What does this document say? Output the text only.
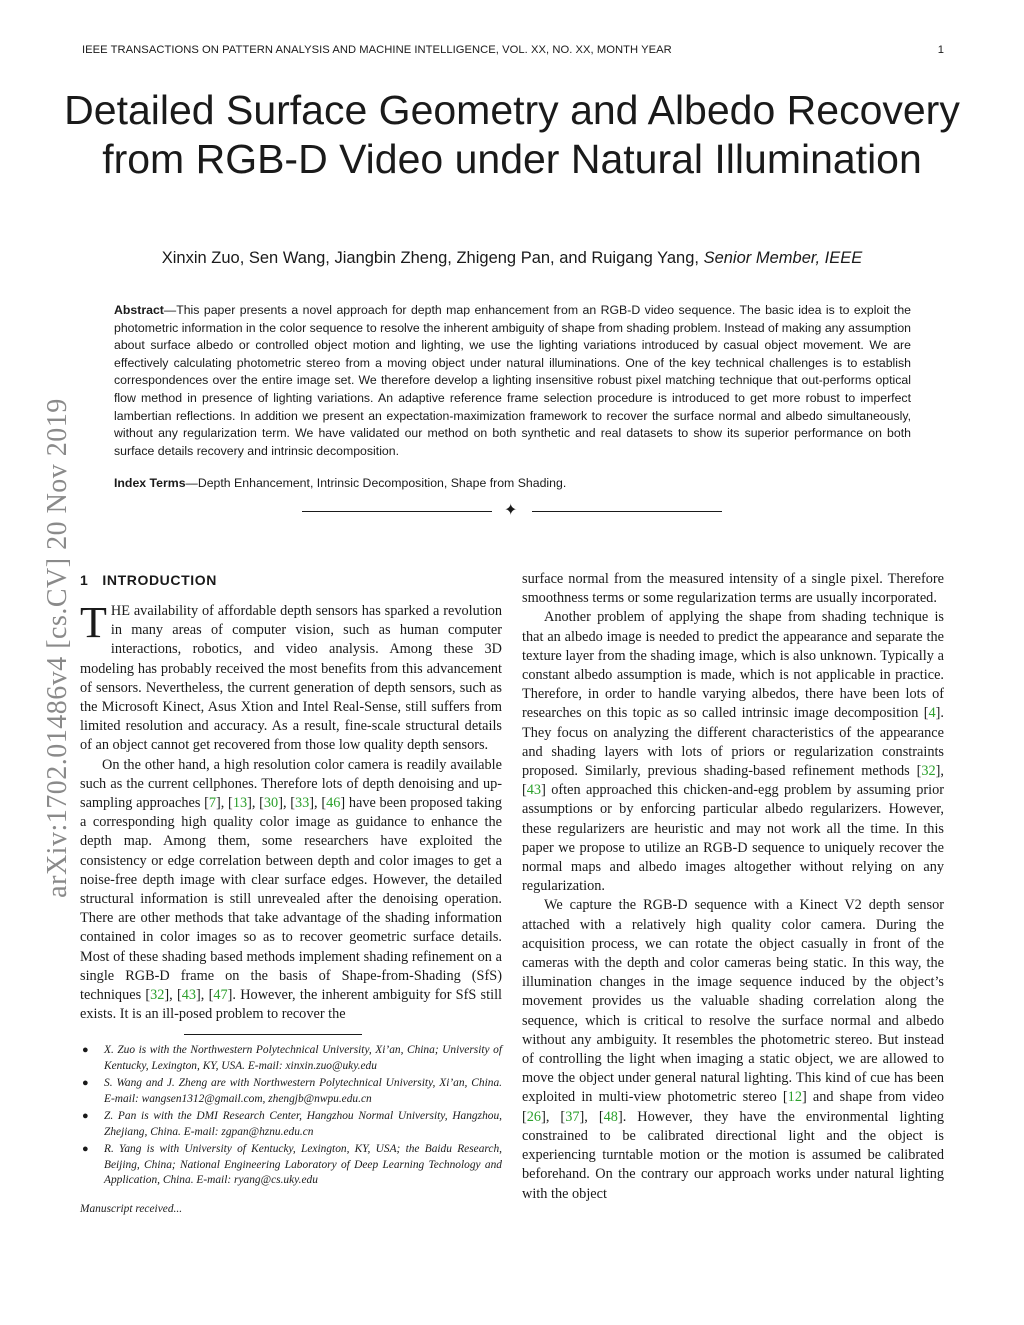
IEEE TRANSACTIONS ON PATTERN ANALYSIS AND MACHINE INTELLIGENCE, VOL. XX, NO. XX, MONTH YEAR	1
arXiv:1702.01486v4 [cs.CV] 20 Nov 2019
Detailed Surface Geometry and Albedo Recovery from RGB-D Video under Natural Illumination
Xinxin Zuo, Sen Wang, Jiangbin Zheng, Zhigeng Pan, and Ruigang Yang, Senior Member, IEEE

Abstract—This paper presents a novel approach for depth map enhancement from an RGB-D video sequence. The basic idea is to exploit the photometric information in the color sequence to resolve the inherent ambiguity of shape from shading problem. Instead of making any assumption about surface albedo or controlled object motion and lighting, we use the lighting variations introduced by casual object movement. We are effectively calculating photometric stereo from a moving object under natural illuminations. One of the key technical challenges is to establish correspondences over the entire image set. We therefore develop a lighting insensitive robust pixel matching technique that out-performs optical flow method in presence of lighting variations. An adaptive reference frame selection procedure is introduced to get more robust to imperfect lambertian reflections. In addition we present an expectation-maximization framework to recover the surface normal and albedo simultaneously, without any regularization term. We have validated our method on both synthetic and real datasets to show its superior performance on both surface details recovery and intrinsic decomposition.

Index Terms—Depth Enhancement, Intrinsic Decomposition, Shape from Shading.

✦
1 INTRODUCTION

THE availability of affordable depth sensors has sparked a revolution in many areas of computer vision, such as human computer interactions, robotics, and video analysis. Among these 3D modeling has probably received the most benefits from this advancement of sensors. Nevertheless, the current generation of depth sensors, such as the Microsoft Kinect, Asus Xtion and Intel Real-Sense, still suffers from limited resolution and accuracy. As a result, fine-scale structural details of an object cannot get recovered from those low quality depth sensors.

On the other hand, a high resolution color camera is readily available such as the current cellphones. Therefore lots of depth denoising and up-sampling approaches [7], [13], [30], [33], [46] have been proposed taking a corresponding high quality color image as guidance to enhance the depth map. Among them, some researchers have exploited the consistency or edge correlation between depth and color images to get a noise-free depth image with clear surface edges. However, the detailed structural information is still unrevealed after the denoising operation. There are other methods that take advantage of the shading information contained in color images so as to recover geometric surface details. Most of these shading based methods implement shading refinement on a single RGB-D frame on the basis of Shape-from-Shading (SfS) techniques [32], [43], [47]. However, the inherent ambiguity for SfS still exists. It is an ill-posed problem to recover the

● X. Zuo is with the Northwestern Polytechnical University, Xi’an, China; University of Kentucky, Lexington, KY, USA. E-mail: xinxin.zuo@uky.edu
● S. Wang and J. Zheng are with Northwestern Polytechnical University, Xi’an, China. E-mail: wangsen1312@gmail.com, zhengjb@nwpu.edu.cn
● Z. Pan is with the DMI Research Center, Hangzhou Normal University, Hangzhou, Zhejiang, China. E-mail: zgpan@hznu.edu.cn
● R. Yang is with University of Kentucky, Lexington, KY, USA; the Baidu Research, Beijing, China; National Engineering Laboratory of Deep Learning Technology and Application, China. E-mail: ryang@cs.uky.edu
Manuscript received...

surface normal from the measured intensity of a single pixel. Therefore smoothness terms or some regularization terms are usually incorporated.

Another problem of applying the shape from shading technique is that an albedo image is needed to predict the appearance and separate the texture layer from the shading image, which is also unknown. Typically a constant albedo assumption is made, which is not applicable in practice. Therefore, in order to handle varying albedos, there have been lots of researches on this topic as so called intrinsic image decomposition [4]. They focus on analyzing the different characteristics of the appearance and shading layers with lots of priors or regularization constraints proposed. Similarly, previous shading-based refinement methods [32], [43] often approached this chicken-and-egg problem by assuming prior assumptions or by enforcing particular albedo regularizers. However, these regularizers are heuristic and may not work all the time. In this paper we propose to utilize an RGB-D sequence to uniquely recover the normal maps and albedo images altogether without relying on any regularization.

We capture the RGB-D sequence with a Kinect V2 depth sensor attached with a relatively high quality color camera. During the acquisition process, we can rotate the object casually in front of the cameras with the depth and color cameras being static. In this way, the illumination changes in the image sequence induced by the object’s movement provides us the valuable shading correlation along the sequence, which is critical to resolve the surface normal and albedo without any ambiguity. It resembles the photometric stereo. But instead of controlling the light when imaging a static object, we are allowed to move the object under general natural lighting. This kind of cue has been exploited in multi-view photometric stereo [12] and shape from video [26], [37], [48]. However, they have the environmental lighting constrained to be calibrated directional light and the object is experiencing turntable motion or the motion is assumed be calibrated beforehand. On the contrary our approach works under natural lighting with the object
